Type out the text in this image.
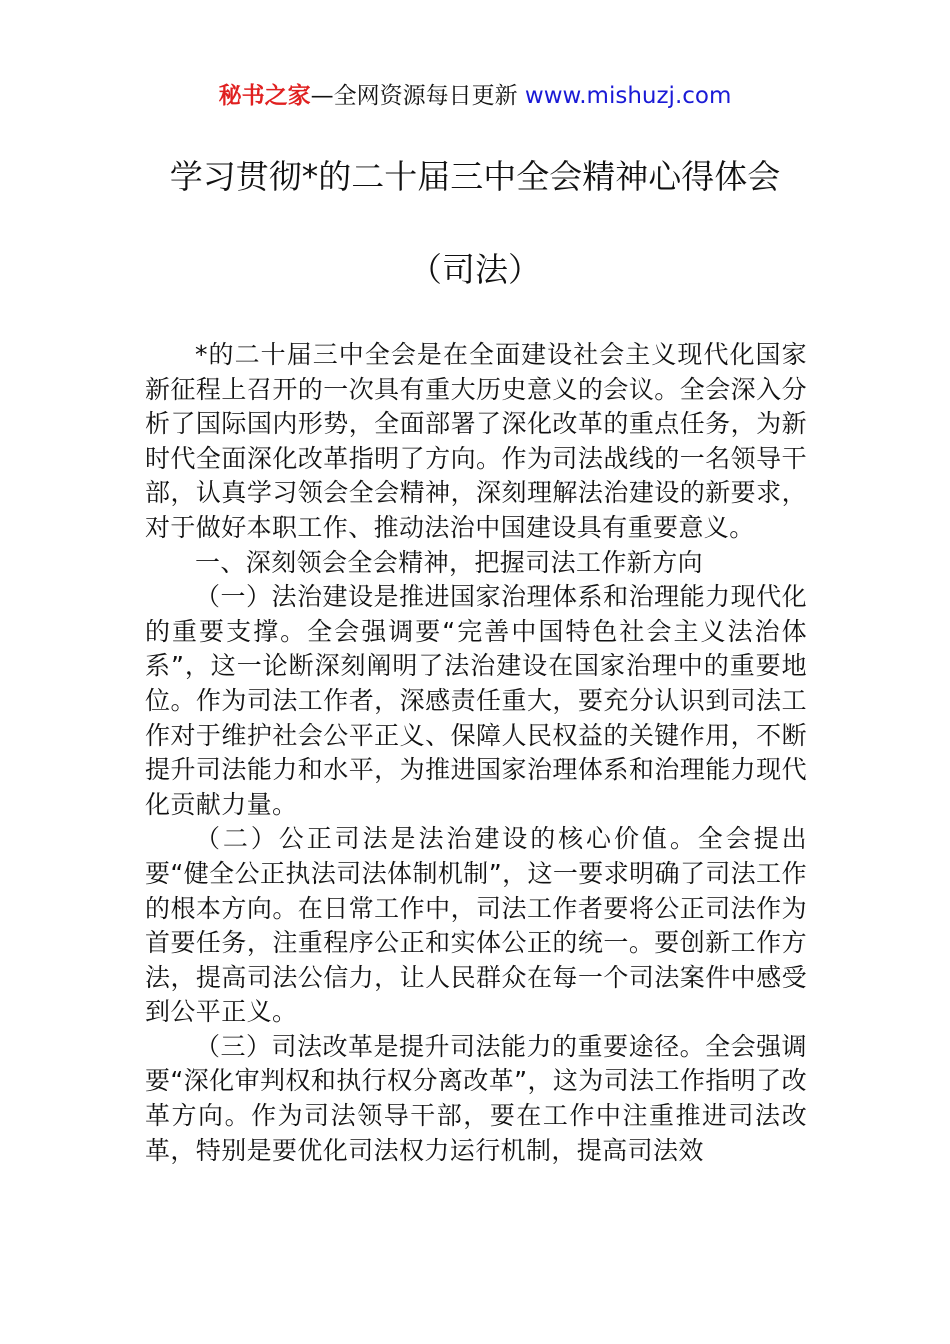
秘书之家—全网资源每日更新 www.mishuzj.com
学习贯彻*的二十届三中全会精神心得体会
（司法）

*的二十届三中全会是在全面建设社会主义现代化国家新征程上召开的一次具有重大历史意义的会议。全会深入分析了国际国内形势，全面部署了深化改革的重点任务，为新时代全面深化改革指明了方向。作为司法战线的一名领导干部，认真学习领会全会精神，深刻理解法治建设的新要求，对于做好本职工作、推动法治中国建设具有重要意义。

一、深刻领会全会精神，把握司法工作新方向

（一）法治建设是推进国家治理体系和治理能力现代化的重要支撑。全会强调要“完善中国特色社会主义法治体系”，这一论断深刻阐明了法治建设在国家治理中的重要地位。作为司法工作者，深感责任重大，要充分认识到司法工作对于维护社会公平正义、保障人民权益的关键作用，不断提升司法能力和水平，为推进国家治理体系和治理能力现代化贡献力量。

（二）公正司法是法治建设的核心价值。全会提出要“健全公正执法司法体制机制”，这一要求明确了司法工作的根本方向。在日常工作中，司法工作者要将公正司法作为首要任务，注重程序公正和实体公正的统一。要创新工作方法，提高司法公信力，让人民群众在每一个司法案件中感受到公平正义。

（三）司法改革是提升司法能力的重要途径。全会强调要“深化审判权和执行权分离改革”，这为司法工作指明了改革方向。作为司法领导干部，要在工作中注重推进司法改革，特别是要优化司法权力运行机制，提高司法效
